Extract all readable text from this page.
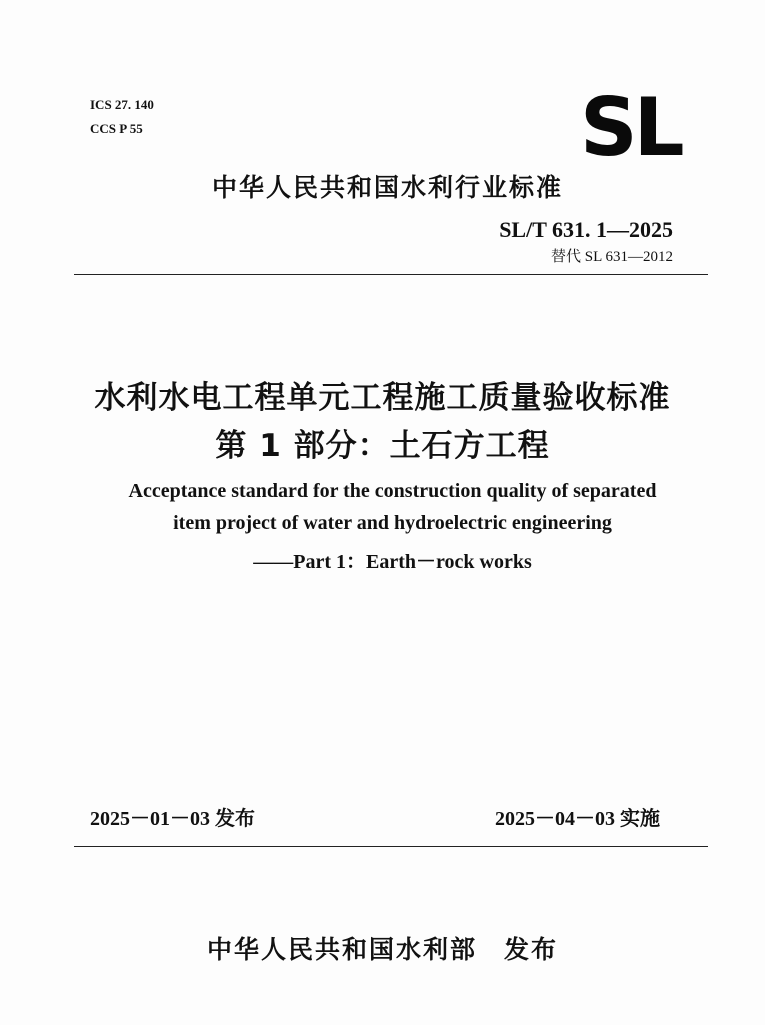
ICS 27. 140
CCS P 55	SL
中华人民共和国水利行业标准
SL/T 631. 1—2025
替代 SL 631—2012
水利水电工程单元工程施工质量验收标准
第 1 部分：土石方工程
Acceptance standard for the construction quality of separated
item project of water and hydroelectric engineering
——Part 1：Earth－rock works
2025－01－03 发布	2025－04－03 实施
中华人民共和国水利部　发布
